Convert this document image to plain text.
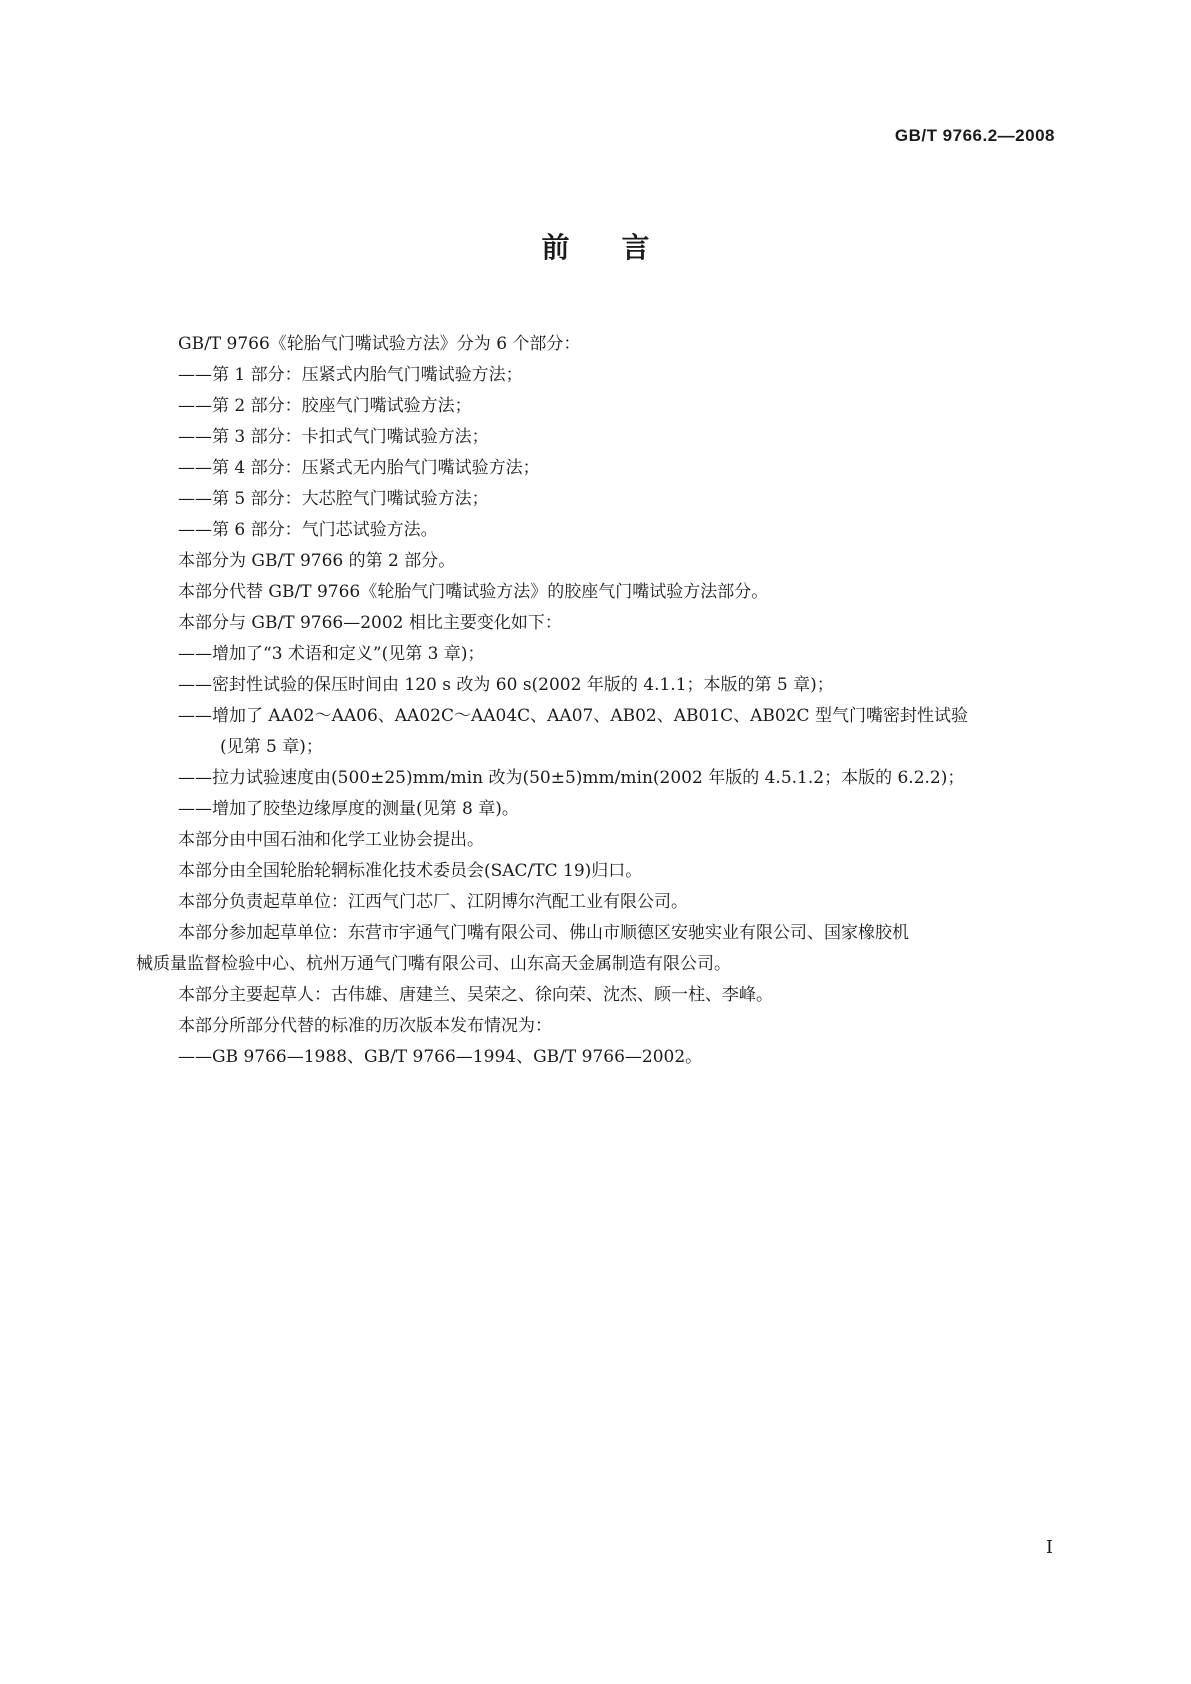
GB/T 9766.2—2008
前言
GB/T 9766《轮胎气门嘴试验方法》分为 6 个部分：
——第 1 部分：压紧式内胎气门嘴试验方法；
——第 2 部分：胶座气门嘴试验方法；
——第 3 部分：卡扣式气门嘴试验方法；
——第 4 部分：压紧式无内胎气门嘴试验方法；
——第 5 部分：大芯腔气门嘴试验方法；
——第 6 部分：气门芯试验方法。
本部分为 GB/T 9766 的第 2 部分。
本部分代替 GB/T 9766《轮胎气门嘴试验方法》的胶座气门嘴试验方法部分。
本部分与 GB/T 9766—2002 相比主要变化如下：
——增加了“3 术语和定义”(见第 3 章)；
——密封性试验的保压时间由 120 s 改为 60 s(2002 年版的 4.1.1；本版的第 5 章)；
——增加了 AA02～AA06、AA02C～AA04C、AA07、AB02、AB01C、AB02C 型气门嘴密封性试验
(见第 5 章)；
——拉力试验速度由(500±25)mm/min 改为(50±5)mm/min(2002 年版的 4.5.1.2；本版的 6.2.2)；
——增加了胶垫边缘厚度的测量(见第 8 章)。
本部分由中国石油和化学工业协会提出。
本部分由全国轮胎轮辋标准化技术委员会(SAC/TC 19)归口。
本部分负责起草单位：江西气门芯厂、江阴博尔汽配工业有限公司。
本部分参加起草单位：东营市宇通气门嘴有限公司、佛山市顺德区安驰实业有限公司、国家橡胶机
械质量监督检验中心、杭州万通气门嘴有限公司、山东高天金属制造有限公司。
本部分主要起草人：古伟雄、唐建兰、吴荣之、徐向荣、沈杰、顾一柱、李峰。
本部分所部分代替的标准的历次版本发布情况为：
——GB 9766—1988、GB/T 9766—1994、GB/T 9766—2002。
I
